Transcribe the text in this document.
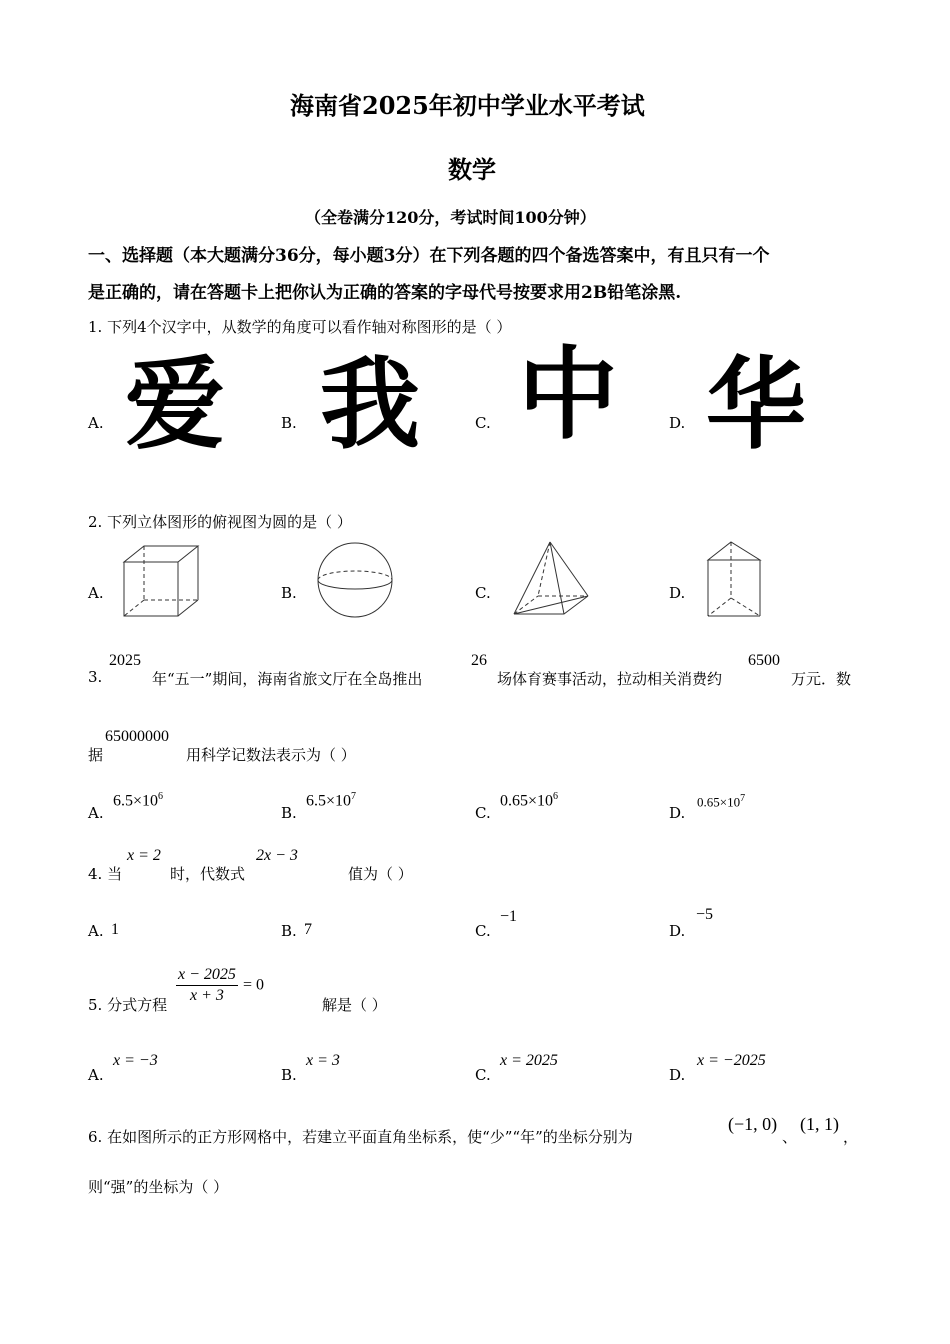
海南省2025年初中学业水平考试
数学
（全卷满分120分，考试时间100分钟）
一、选择题（本大题满分36分，每小题3分）在下列各题的四个备选答案中，有且只有一个
是正确的，请在答题卡上把你认为正确的答案的字母代号按要求用2B铅笔涂黑.
1. 下列4个汉字中，从数学的角度可以看作轴对称图形的是（ ）
A. 爱	B. 我	C. 中	D. 华
2. 下列立体图形的俯视图为圆的是（ ）
A.	B.	C.	D.
3.
2025
年“五一”期间，海南省旅文厅在全岛推出
26
场体育赛事活动，拉动相关消费约
6500
万元．数
据
65000000
用科学记数法表示为（ ）
A.
$6.5\times 10^6$
B.
$6.5\times 10^7$
C.
$0.65\times 10^6$
D.
$0.65\times 10^7$
4. 当
x = 2
时，代数式
2x − 3
值为（ ）
A. 1	B. 7	C.
−1
D.
−5
5. 分式方程 $\frac{x - 2025}{x + 3} = 0$
解是（ ）
A.
x = −3
B.
x = 3
C.
x = 2025
D.
x = −2025
6. 在如图所示的正方形网格中，若建立平面直角坐标系，使“少”“年”的坐标分别为
(−1, 0)
、
(1, 1)
，
则“强”的坐标为（ ）
